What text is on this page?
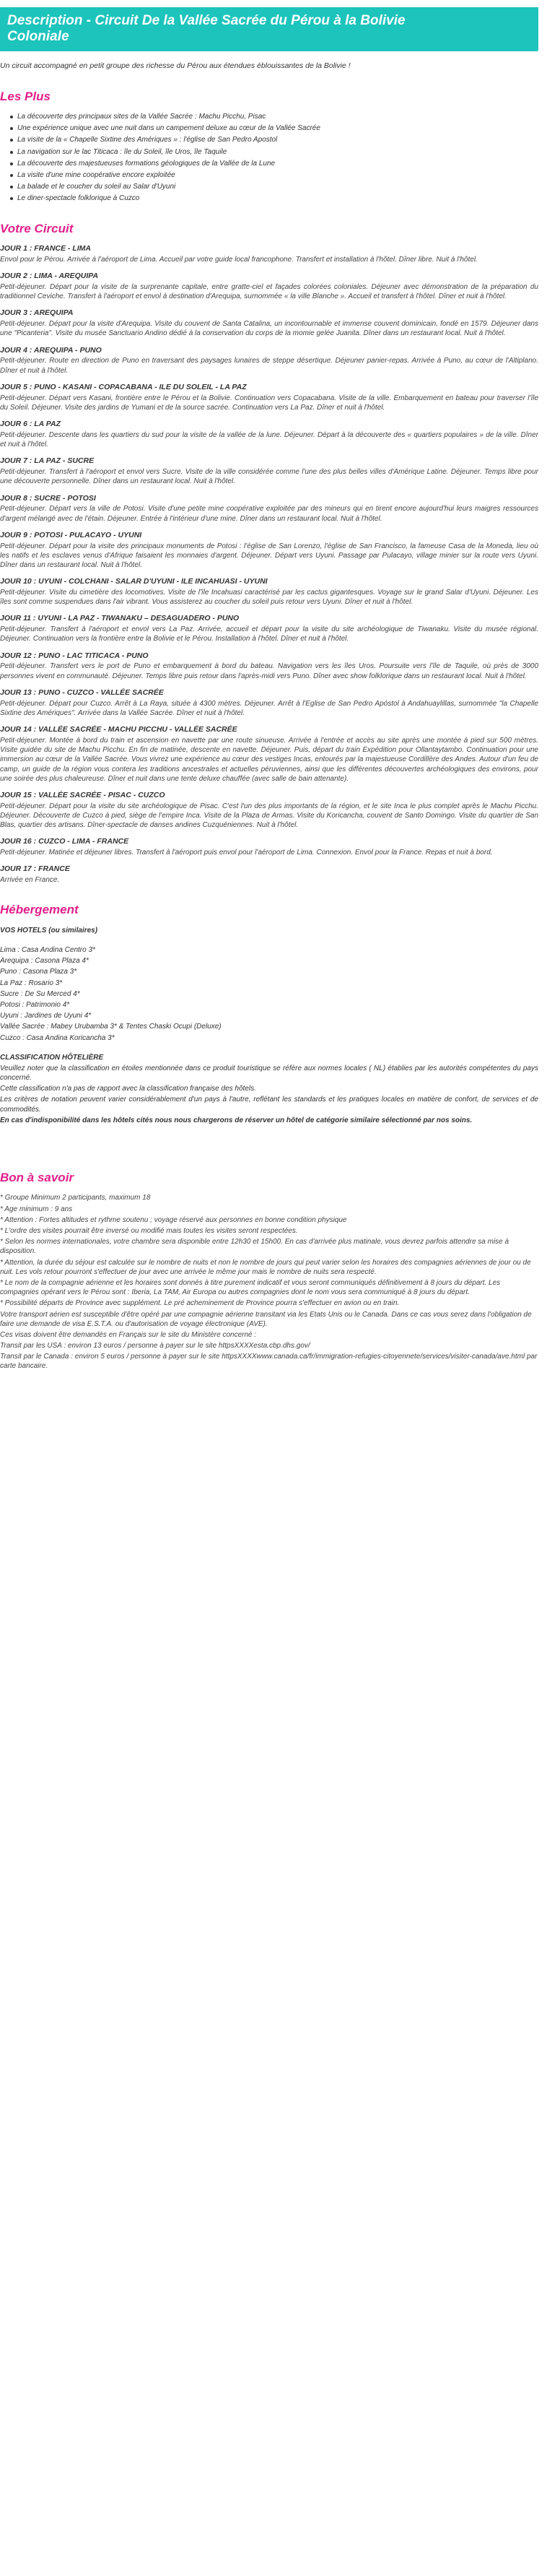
Description - Circuit De la Vallée Sacrée du Pérou à la Bolivie
Coloniale

Un circuit accompagné en petit groupe des richesse du Pérou aux étendues éblouissantes de la Bolivie !

Les Plus
La découverte des principaux sites de la Vallée Sacrée : Machu Picchu, Pisac
Une expérience unique avec une nuit dans un campement deluxe au cœur de la Vallée Sacrée
La visite de la « Chapelle Sixtine des Amériques » : l'église de San Pedro Apostol
La navigation sur le lac Titicaca : île du Soleil, île Uros, île Taquile
La découverte des majestueuses formations géologiques de la Vallée de la Lune
La visite d'une mine coopérative encore exploitée
La balade et le coucher du soleil au Salar d'Uyuni
Le diner-spectacle folklorique à Cuzco
Votre Circuit
JOUR 1 : FRANCE - LIMA
Envol pour le Pérou. Arrivée à l'aéroport de Lima. Accueil par votre guide local francophone. Transfert et installation à l'hôtel. Dîner libre. Nuit à l'hôtel.
JOUR 2 : LIMA - AREQUIPA
Petit-déjeuner. Départ pour la visite de la surprenante capitale, entre gratte-ciel et façades colorées coloniales. Déjeuner avec démonstration de la préparation du traditionnel Ceviche. Transfert à l'aéroport et envol à destination d'Arequipa, surnommée « la ville Blanche ». Accueil et transfert à l'hôtel. Dîner et nuit à l'hôtel.
JOUR 3 : AREQUIPA
Petit-déjeuner. Départ pour la visite d'Arequipa. Visite du couvent de Santa Catalina, un incontournable et immense couvent dominicain, fondé en 1579. Déjeuner dans une "Picanteria". Visite du musée Sanctuario Andino dédié à la conservation du corps de la momie gelée Juanita. Dîner dans un restaurant local. Nuit à l'hôtel.
JOUR 4 : AREQUIPA - PUNO
Petit-déjeuner. Route en direction de Puno en traversant des paysages lunaires de steppe désertique. Déjeuner panier-repas. Arrivée à Puno, au cœur de l'Altiplano. Dîner et nuit à l'hôtel.
JOUR 5 : PUNO - KASANI - COPACABANA - ILE DU SOLEIL - LA PAZ
Petit-déjeuner. Départ vers Kasani, frontière entre le Pérou et la Bolivie. Continuation vers Copacabana. Visite de la ville. Embarquement en bateau pour traverser l'île du Soleil. Déjeuner. Visite des jardins de Yumani et de la source sacrée. Continuation vers La Paz. Dîner et nuit à l'hôtel.
JOUR 6 : LA PAZ
Petit-déjeuner. Descente dans les quartiers du sud pour la visite de la vallée de la lune. Déjeuner. Départ à la découverte des « quartiers populaires » de la ville. Dîner et nuit à l'hôtel.
JOUR 7 : LA PAZ - SUCRE
Petit-déjeuner. Transfert à l'aéroport et envol vers Sucre. Visite de la ville considérée comme l'une des plus belles villes d'Amérique Latine. Déjeuner. Temps libre pour une découverte personnelle. Dîner dans un restaurant local. Nuit à l'hôtel.
JOUR 8 : SUCRE - POTOSI
Petit-déjeuner. Départ vers la ville de Potosi. Visite d'une petite mine coopérative exploitée par des mineurs qui en tirent encore aujourd'hui leurs maigres ressources d'argent mélangé avec de l'étain. Déjeuner. Entrée à l'intérieur d'une mine. Dîner dans un restaurant local. Nuit à l'hôtel.
JOUR 9 : POTOSI - PULACAYO - UYUNI
Petit-déjeuner. Départ pour la visite des principaux monuments de Potosi : l'église de San Lorenzo, l'église de San Francisco, la fameuse Casa de la Moneda, lieu où les natifs et les esclaves venus d'Afrique faisaient les monnaies d'argent. Déjeuner. Départ vers Uyuni. Passage par Pulacayo, village minier sur la route vers Uyuni. Dîner dans un restaurant local. Nuit à l'hôtel.
JOUR 10 : UYUNI - COLCHANI - SALAR D'UYUNI - ILE INCAHUASI - UYUNI
Petit-déjeuner. Visite du cimetière des locomotives. Visite de l'île Incahuasi caractérisé par les cactus gigantesques. Voyage sur le grand Salar d'Uyuni. Déjeuner. Les îles sont comme suspendues dans l'air vibrant. Vous assisterez au coucher du soleil puis retour vers Uyuni. Dîner et nuit à l'hôtel.
JOUR 11 : UYUNI - LA PAZ - TIWANAKU – DESAGUADERO - PUNO
Petit-déjeuner. Transfert à l'aéroport et envol vers La Paz. Arrivée, accueil et départ pour la visite du site archéologique de Tiwanaku. Visite du musée régional. Déjeuner. Continuation vers la frontière entre la Bolivie et le Pérou. Installation à l'hôtel. Dîner et nuit à l'hôtel.
JOUR 12 : PUNO - LAC TITICACA - PUNO
Petit-déjeuner. Transfert vers le port de Puno et embarquement à bord du bateau. Navigation vers les îles Uros. Poursuite vers l'île de Taquile, où près de 3000 personnes vivent en communauté. Déjeuner. Temps libre puis retour dans l'après-midi vers Puno. Dîner avec show folklorique dans un restaurant local. Nuit à l'hôtel.
JOUR 13 : PUNO - CUZCO - VALLÉE SACRÉE
Petit-déjeuner. Départ pour Cuzco. Arrêt à La Raya, située à 4300 mètres. Déjeuner. Arrêt à l'Eglise de San Pedro Apóstol à Andahuaylillas, surnommée "la Chapelle Sixtine des Amériques". Arrivée dans la Vallée Sacrée. Dîner et nuit à l'hôtel.
JOUR 14 : VALLÉE SACRÉE - MACHU PICCHU - VALLÉE SACRÉE
Petit-déjeuner. Montée à bord du train et ascension en navette par une route sinueuse. Arrivée à l'entrée et accès au site après une montée à pied sur 500 mètres. Visite guidée du site de Machu Picchu. En fin de matinée, descente en navette. Déjeuner. Puis, départ du train Expédition pour Ollantaytambo. Continuation pour une immersion au cœur de la Vallée Sacrée. Vous vivrez une expérience au cœur des vestiges Incas, entourés par la majestueuse Cordillère des Andes. Autour d'un feu de camp, un guide de la région vous contera les traditions ancestrales et actuelles péruviennes, ainsi que les différentes découvertes archéologiques des environs, pour une soirée des plus chaleureuse. Dîner et nuit dans une tente deluxe chauffée (avec salle de bain attenante).
JOUR 15 : VALLÉE SACRÉE - PISAC - CUZCO
Petit-déjeuner. Départ pour la visite du site archéologique de Pisac. C'est l'un des plus importants de la région, et le site Inca le plus complet après le Machu Picchu. Déjeuner. Découverte de Cuzco à pied, siège de l'empire Inca. Visite de la Plaza de Armas. Visite du Koricancha, couvent de Santo Domingo. Visite du quartier de San Blas, quartier des artisans. Dîner-spectacle de danses andines Cuzquéniennes. Nuit à l'hôtel.
JOUR 16 : CUZCO - LIMA - FRANCE
Petit-déjeuner. Matinée et déjeuner libres. Transfert à l'aéroport puis envol pour l'aéroport de Lima. Connexion. Envol pour la France. Repas et nuit à bord.
JOUR 17 : FRANCE
Arrivée en France.
Hébergement
VOS HOTELS (ou similaires)
Lima : Casa Andina Centro 3*
Arequipa : Casona Plaza 4*
Puno : Casona Plaza 3*
La Paz : Rosario 3*
Sucre : De Su Merced 4*
Potosi : Patrimonio 4*
Uyuni : Jardines de Uyuni 4*
Vallée Sacrée : Mabey Urubamba 3* & Tentes Chaski Ocupi (Deluxe)
Cuzco : Casa Andina Koricancha 3*
CLASSIFICATION HÔTELIÈRE

Veuillez noter que la classification en étoiles mentionnée dans ce produit touristique se réfère aux normes locales ( NL) établies par les autorités compétentes du pays concerné.

Cette classification n'a pas de rapport avec la classification française des hôtels.

Les critères de notation peuvent varier considérablement d'un pays à l'autre, reflétant les standards et les pratiques locales en matière de confort, de services et de commodités.

En cas d'indisponibilité dans les hôtels cités nous nous chargerons de réserver un hôtel de catégorie similaire sélectionné par nos soins.

Bon à savoir

* Groupe Minimum 2 participants, maximum 18

* Age minimum : 9 ans

* Attention : Fortes altitudes et rythme soutenu ; voyage réservé aux personnes en bonne condition physique

* L'ordre des visites pourrait être inversé ou modifié mais toutes les visites seront respectées.

* Selon les normes internationales, votre chambre sera disponible entre 12h30 et 15h00. En cas d'arrivée plus matinale, vous devrez parfois attendre sa mise à disposition.

* Attention, la durée du séjour est calculée sur le nombre de nuits et non le nombre de jours qui peut varier selon les horaires des compagnies aériennes de jour ou de nuit. Les vols retour pourront s'effectuer de jour avec une arrivée le même jour mais le nombre de nuits sera respecté.

* Le nom de la compagnie aérienne et les horaires sont donnés à titre purement indicatif et vous seront communiqués définitivement à 8 jours du départ. Les compagnies opérant vers le Pérou sont : Iberia, La TAM, Air Europa ou autres compagnies dont le nom vous sera communiqué à 8 jours du départ.

* Possibilité départs de Province avec supplément. Le pré acheminement de Province pourra s'effectuer en avion ou en train.

Votre transport aérien est susceptible d'être opéré par une compagnie aérienne transitant via les Etats Unis ou le Canada. Dans ce cas vous serez dans l'obligation de faire une demande de visa E.S.T.A. ou d'autorisation de voyage électronique (AVE).

Ces visas doivent être demandés en Français sur le site du Ministère concerné :

Transit par les USA : environ 13 euros / personne à payer sur le site httpsXXXXesta.cbp.dhs.gov/

Transit par le Canada : environ 5 euros / personne à payer sur le site httpsXXXXwww.canada.ca/fr/immigration-refugies-citoyennete/services/visiter-canada/ave.html par carte bancaire.
